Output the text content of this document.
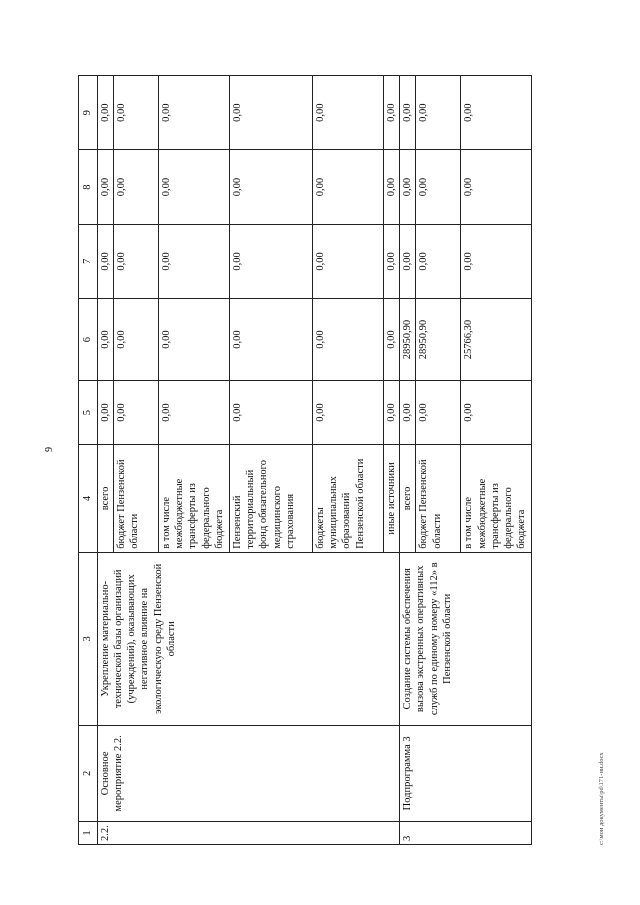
9
1	2	3	4	5	6	7	8	9
2.2.	Основное мероприятие 2.2.	Укрепление материально-технической базы организаций (учреждений), оказывающих негативное влияние на экологическую среду Пензенской области	всего	0,00	0,00	0,00	0,00	0,00
			бюджет Пензенской области	0,00	0,00	0,00	0,00	0,00
			в том числе межбюджетные трансферты из федерального бюджета	0,00	0,00	0,00	0,00	0,00
			Пензенский территориальный фонд обязательного медицинского страхования	0,00	0,00	0,00	0,00	0,00
			бюджеты муниципальных образований Пензенской области	0,00	0,00	0,00	0,00	0,00
			иные источники	0,00	0,00	0,00	0,00	0,00
3	Подпрограмма 3	Создание системы обеспечения вызова экстренных оперативных служб по единому номеру «112» в Пензенской области	всего	0,00	28950,90	0,00	0,00	0,00
			бюджет Пензенской области	0,00	28950,90	0,00	0,00	0,00
			в том числе межбюджетные трансферты из федерального бюджета	0,00	25766,30	0,00	0,00	0,00
c:\мои документы\pd\171-ни.docx
